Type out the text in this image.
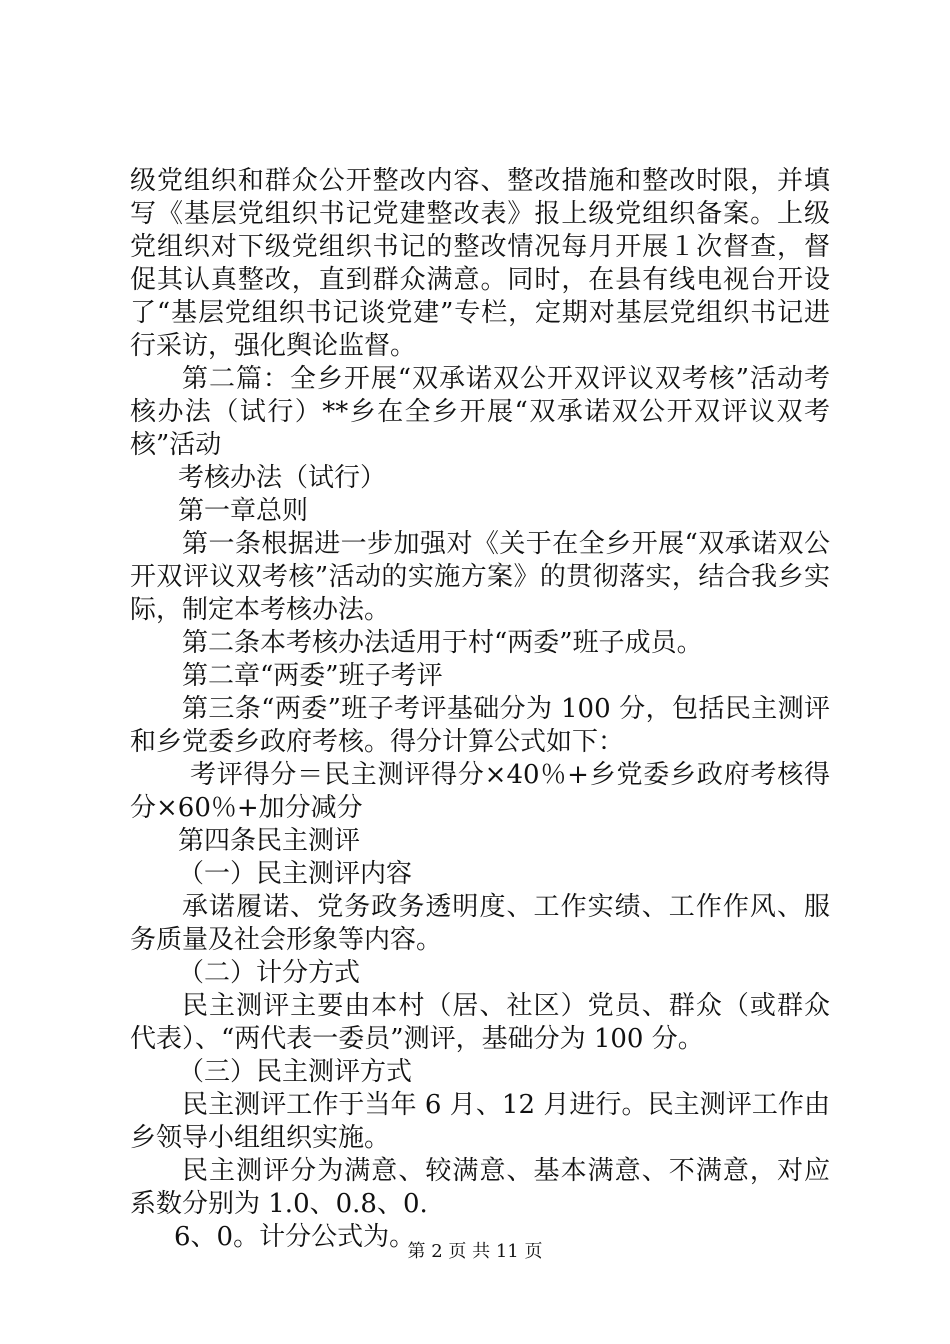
级党组织和群众公开整改内容、整改措施和整改时限，并填写《基层党组织书记党建整改表》报上级党组织备案。上级党组织对下级党组织书记的整改情况每月开展１次督查，督促其认真整改，直到群众满意。同时，在县有线电视台开设了“基层党组织书记谈党建”专栏，定期对基层党组织书记进行采访，强化舆论监督。

第二篇：全乡开展“双承诺双公开双评议双考核”活动考核办法（试行）**乡在全乡开展“双承诺双公开双评议双考核”活动

考核办法（试行）

第一章总则

第一条根据进一步加强对《关于在全乡开展“双承诺双公开双评议双考核”活动的实施方案》的贯彻落实，结合我乡实际，制定本考核办法。

第二条本考核办法适用于村“两委”班子成员。

第二章“两委”班子考评

第三条“两委”班子考评基础分为 100 分，包括民主测评和乡党委乡政府考核。得分计算公式如下：

考评得分＝民主测评得分×40％+乡党委乡政府考核得分×60％+加分减分

第四条民主测评

（一）民主测评内容

承诺履诺、党务政务透明度、工作实绩、工作作风、服务质量及社会形象等内容。

（二）计分方式

民主测评主要由本村（居、社区）党员、群众（或群众代表）、“两代表一委员”测评，基础分为 100 分。

（三）民主测评方式

民主测评工作于当年 6 月、12 月进行。民主测评工作由乡领导小组组织实施。

民主测评分为满意、较满意、基本满意、不满意，对应系数分别为 1.0、0.8、0.

6、0。计分公式为。

第 2 页 共 11 页
